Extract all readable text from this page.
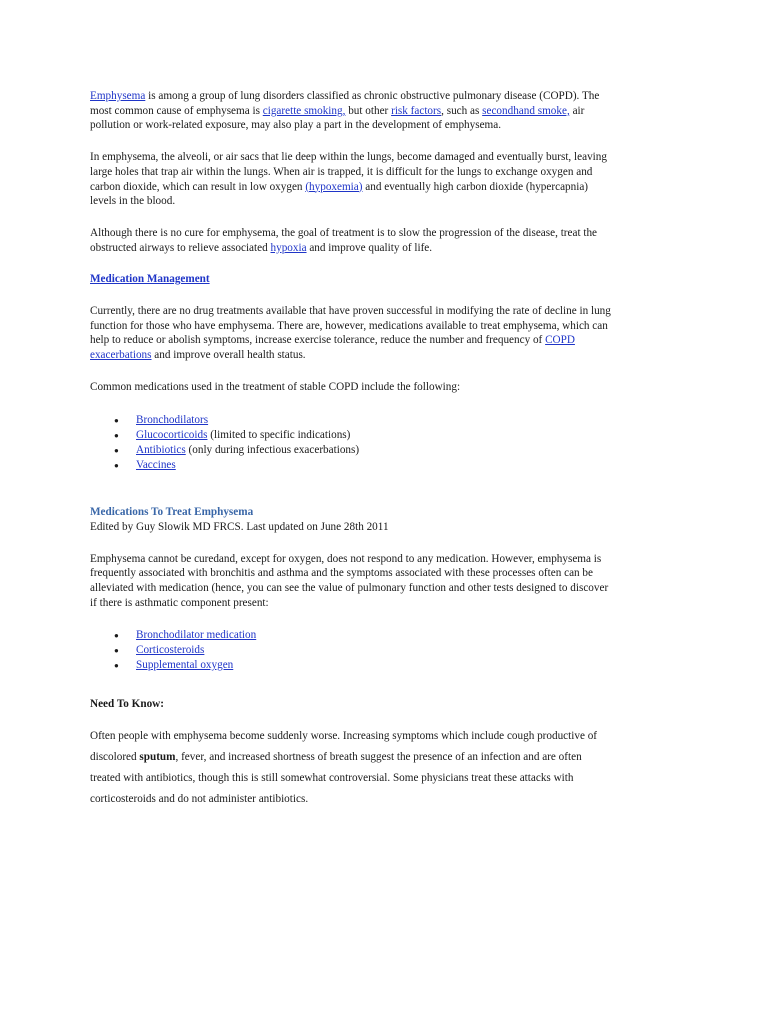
Emphysema is among a group of lung disorders classified as chronic obstructive pulmonary disease (COPD). The
most common cause of emphysema is cigarette smoking, but other risk factors, such as secondhand smoke, air
pollution or work-related exposure, may also play a part in the development of emphysema.

In emphysema, the alveoli, or air sacs that lie deep within the lungs, become damaged and eventually burst, leaving
large holes that trap air within the lungs. When air is trapped, it is difficult for the lungs to exchange oxygen and
carbon dioxide, which can result in low oxygen (hypoxemia) and eventually high carbon dioxide (hypercapnia)
levels in the blood.

Although there is no cure for emphysema, the goal of treatment is to slow the progression of the disease, treat the
obstructed airways to relieve associated hypoxia and improve quality of life.

Medication Management

Currently, there are no drug treatments available that have proven successful in modifying the rate of decline in lung
function for those who have emphysema. There are, however, medications available to treat emphysema, which can
help to reduce or abolish symptoms, increase exercise tolerance, reduce the number and frequency of COPD
exacerbations and improve overall health status.

Common medications used in the treatment of stable COPD include the following:

● Bronchodilators
● Glucocorticoids (limited to specific indications)
● Antibiotics (only during infectious exacerbations)
● Vaccines
Medications To Treat Emphysema
Edited by Guy Slowik MD FRCS. Last updated on June 28th 2011

Emphysema cannot be curedand, except for oxygen, does not respond to any medication. However, emphysema is
frequently associated with bronchitis and asthma and the symptoms associated with these processes often can be
alleviated with medication (hence, you can see the value of pulmonary function and other tests designed to discover
if there is asthmatic component present:

● Bronchodilator medication
● Corticosteroids
● Supplemental oxygen
Need To Know:

Often people with emphysema become suddenly worse. Increasing symptoms which include cough productive of
discolored sputum, fever, and increased shortness of breath suggest the presence of an infection and are often
treated with antibiotics, though this is still somewhat controversial. Some physicians treat these attacks with
corticosteroids and do not administer antibiotics.
